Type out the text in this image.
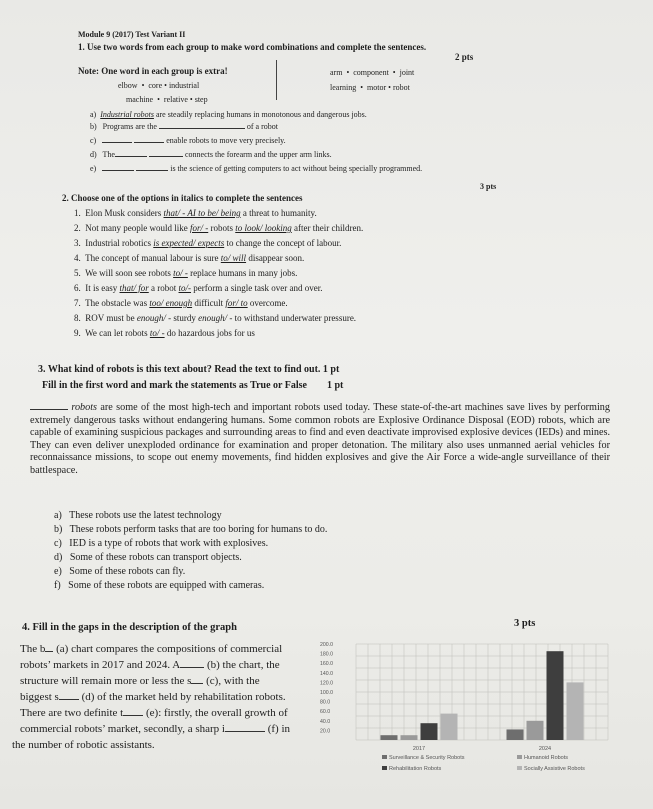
Module 9 (2017) Test Variant II
1. Use two words from each group to make word combinations and complete the sentences.
2 pts
Note: One word in each group is extra!
elbow  •  core • industrial
machine  •  relative • step
arm  •  component  •  joint
learning  •  motor • robot
a) Industrial robots are steadily replacing humans in monotonous and dangerous jobs.
b) Programs are the	of a robot
c)	enable robots to move very precisely.
d) The	connects the forearm and the upper arm links.
e)	is the science of getting computers to act without being specially programmed.
3 pts
2. Choose one of the options in italics to complete the sentences
1. Elon Musk considers that/ - AI to be/ being a threat to humanity.
2. Not many people would like for/ - robots to look/ looking after their children.
3. Industrial robotics is expected/ expects to change the concept of labour.
4. The concept of manual labour is sure to/ will disappear soon.
5. We will soon see robots to/ - replace humans in many jobs.
6. It is easy that/ for a robot to/- perform a single task over and over.
7. The obstacle was too/ enough difficult for/ to overcome.
8. ROV must be enough/ - sturdy enough/ - to withstand underwater pressure.
9. We can let robots to/ - do hazardous jobs for us
3. What kind of robots is this text about? Read the text to find out. 1 pt
Fill in the first word and mark the statements as True or False 1 pt
robots are some of the most high-tech and important robots used today. These state-of-the-art machines save lives by performing extremely dangerous tasks without endangering humans. Some common robots are Explosive Ordinance Disposal (EOD) robots, which are capable of examining suspicious packages and surrounding areas to find and even deactivate improvised explosive devices (IEDs) and mines. They can even deliver unexploded ordinance for examination and proper detonation. The military also uses unmanned aerial vehicles for reconnaissance missions, to scope out enemy movements, find hidden explosives and give the Air Force a wide-angle surveillance of their battlespace.
a) These robots use the latest technology
b) These robots perform tasks that are too boring for humans to do.
c) IED is a type of robots that work with explosives.
d) Some of these robots can transport objects.
e) Some of these robots can fly.
f) Some of these robots are equipped with cameras.
4. Fill in the gaps in the description of the graph	3 pts
The b (a) chart compares the compositions of commercial
robots’ markets in 2017 and 2024. A (b) the chart, the
structure will remain more or less the s (c), with the
biggest s (d) of the market held by rehabilitation robots.
There are two definite t (e): firstly, the overall growth of
commercial robots’ market, secondly, a sharp i	(f) in
the number of robotic assistants.
200.0
180.0
160.0
140.0
120.0
100.0
80.0
60.0
40.0
20.0
2017	2024
Surveillance & Security Robots	Humanoid Robots
Rehabilitation Robots	Socially Assistive Robots
